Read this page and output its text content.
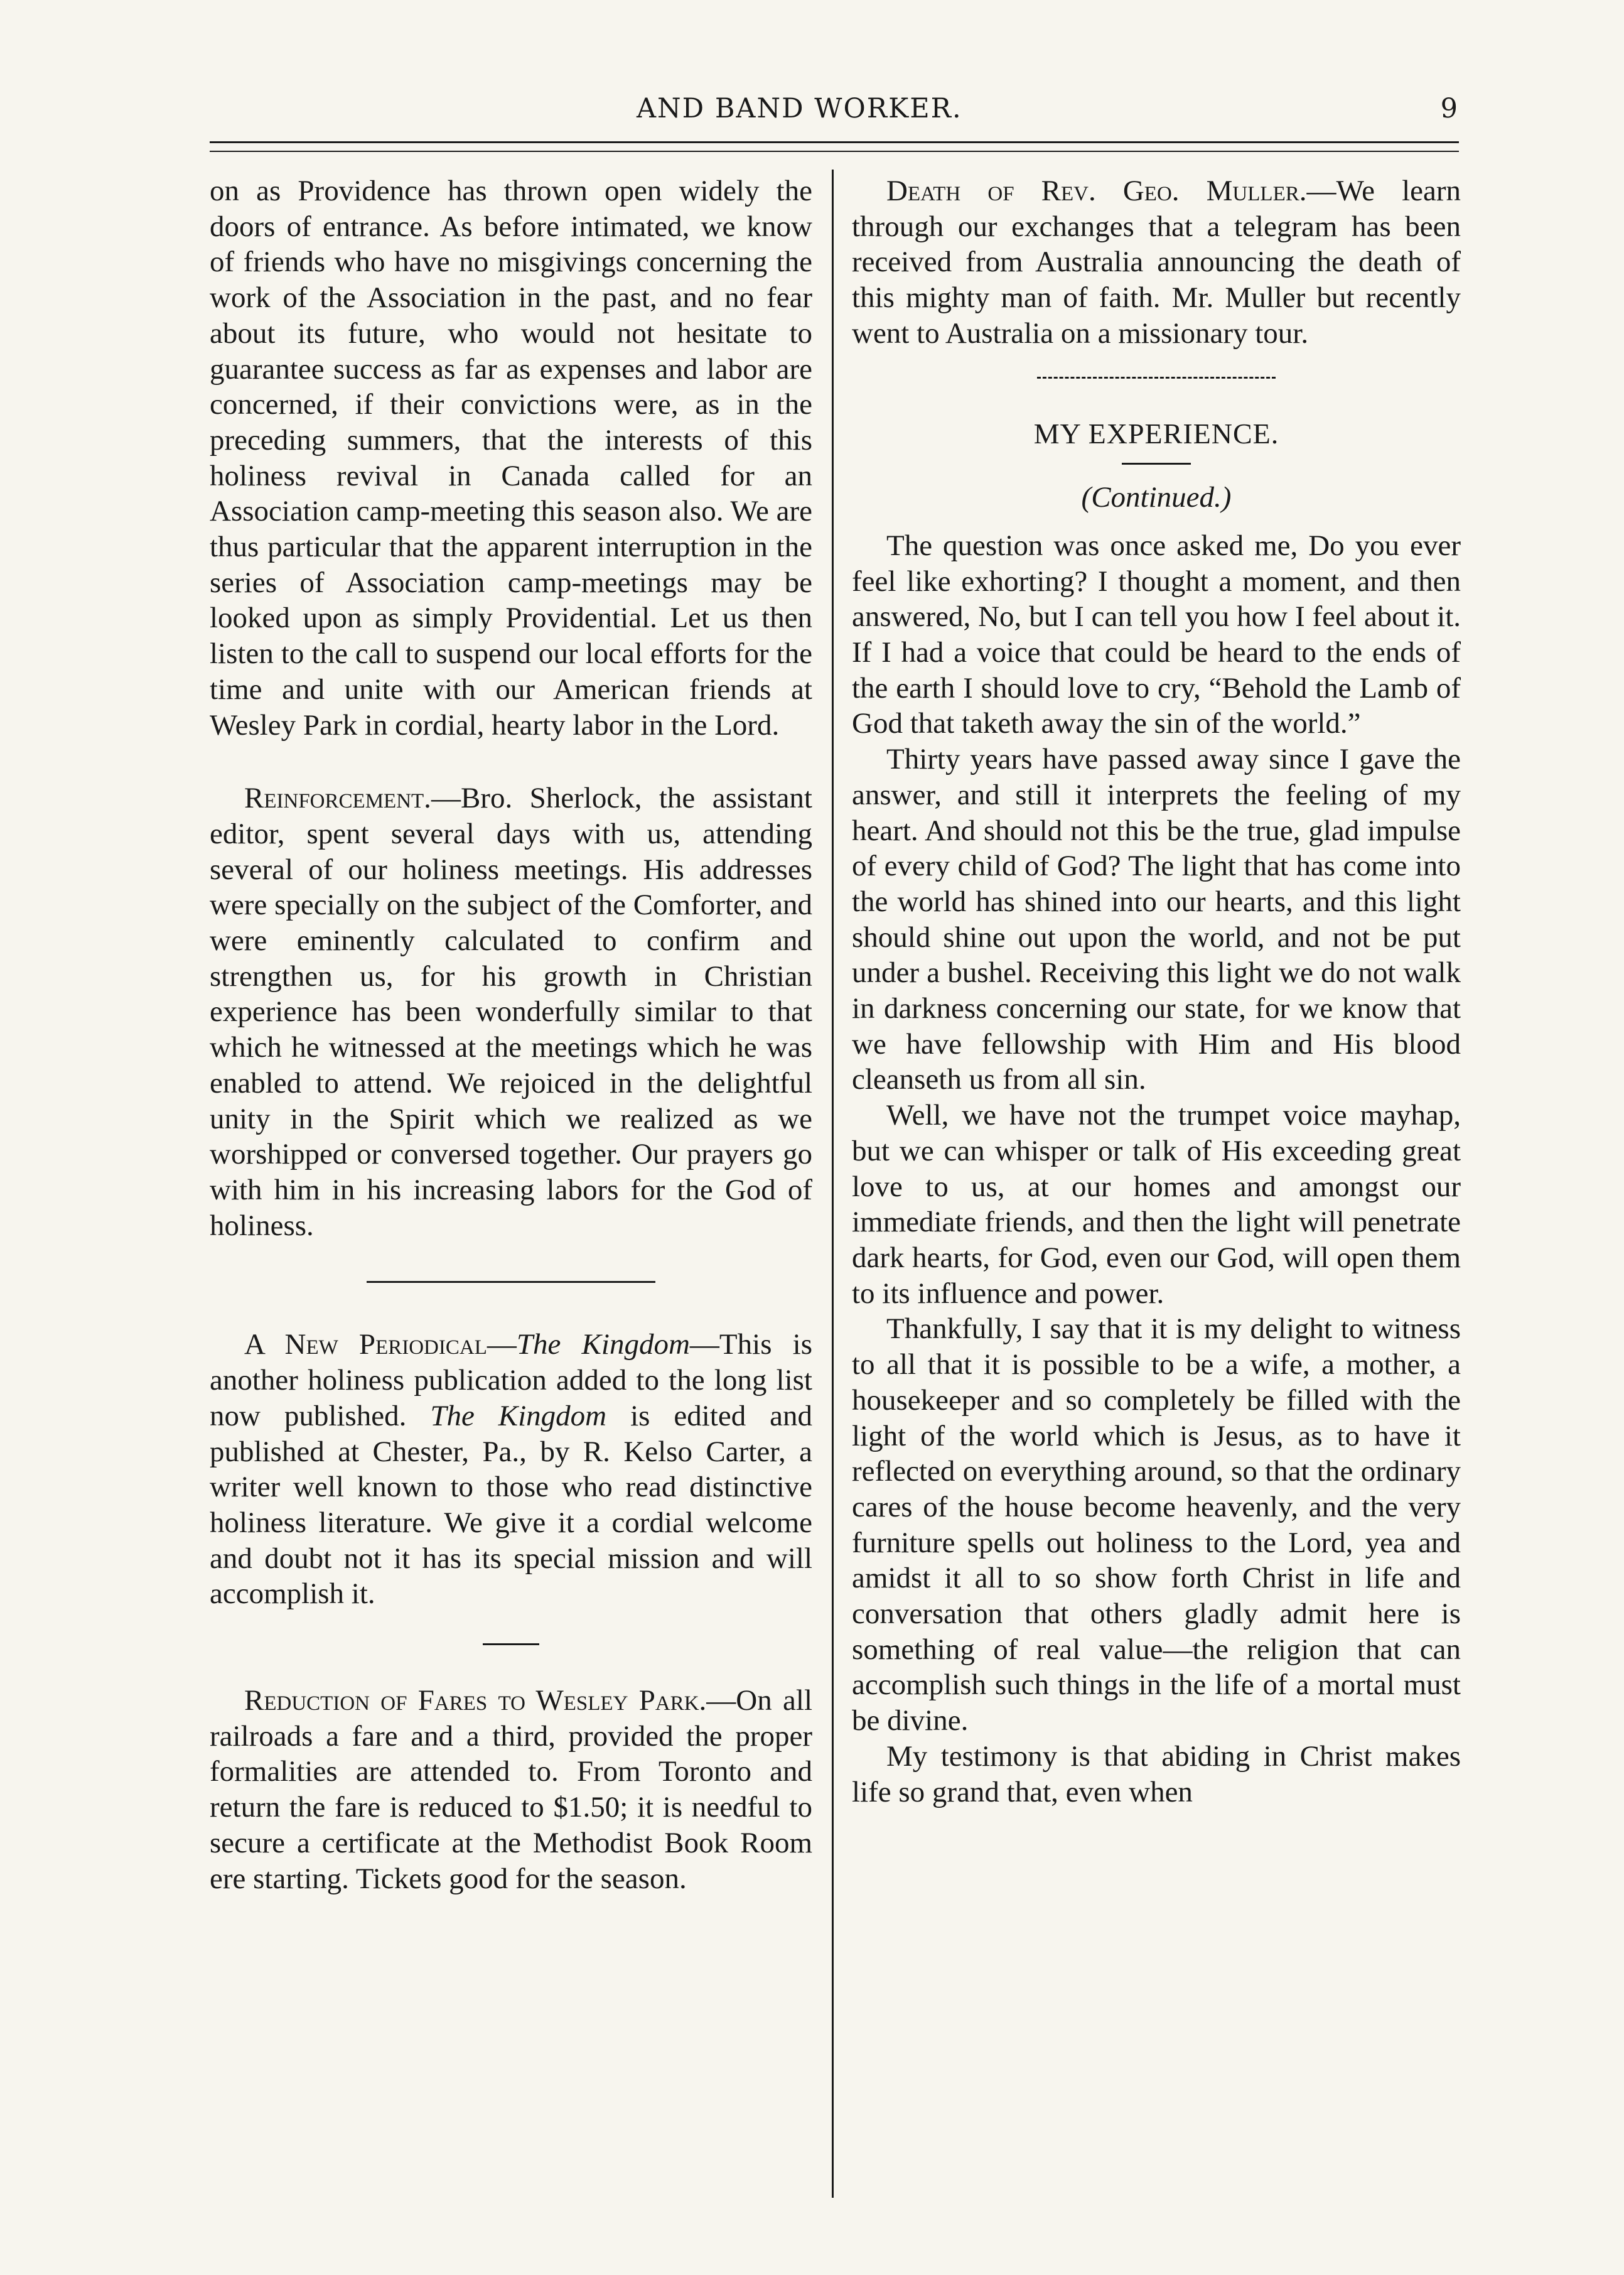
AND BAND WORKER.	9

on as Providence has thrown open widely the doors of entrance. As before intimated, we know of friends who have no misgivings concerning the work of the Association in the past, and no fear about its future, who would not hesitate to guarantee success as far as expenses and labor are concerned, if their convictions were, as in the preceding summers, that the interests of this holiness revival in Canada called for an Association camp-meeting this season also. We are thus particular that the apparent interruption in the series of Association camp-meetings may be looked upon as simply Providential. Let us then listen to the call to suspend our local efforts for the time and unite with our American friends at Wesley Park in cordial, hearty labor in the Lord.

Reinforcement.—Bro. Sherlock, the assistant editor, spent several days with us, attending several of our holiness meetings. His addresses were specially on the subject of the Comforter, and were eminently calculated to confirm and strengthen us, for his growth in Christian experience has been wonderfully similar to that which he witnessed at the meetings which he was enabled to attend. We rejoiced in the delightful unity in the Spirit which we realized as we worshipped or conversed together. Our prayers go with him in his increasing labors for the God of holiness.

A New Periodical—The Kingdom—This is another holiness publication added to the long list now published. The Kingdom is edited and published at Chester, Pa., by R. Kelso Carter, a writer well known to those who read distinctive holiness literature. We give it a cordial welcome and doubt not it has its special mission and will accomplish it.

Reduction of Fares to Wesley Park.—On all railroads a fare and a third, provided the proper formalities are attended to. From Toronto and return the fare is reduced to $1.50; it is needful to secure a certificate at the Methodist Book Room ere starting. Tickets good for the season.

Death of Rev. Geo. Muller.—We learn through our exchanges that a telegram has been received from Australia announcing the death of this mighty man of faith. Mr. Muller but recently went to Australia on a missionary tour.

MY EXPERIENCE.
(Continued.)

The question was once asked me, Do you ever feel like exhorting? I thought a moment, and then answered, No, but I can tell you how I feel about it. If I had a voice that could be heard to the ends of the earth I should love to cry, “Behold the Lamb of God that taketh away the sin of the world.”

Thirty years have passed away since I gave the answer, and still it interprets the feeling of my heart. And should not this be the true, glad impulse of every child of God? The light that has come into the world has shined into our hearts, and this light should shine out upon the world, and not be put under a bushel. Receiving this light we do not walk in darkness concerning our state, for we know that we have fellowship with Him and His blood cleanseth us from all sin.

Well, we have not the trumpet voice mayhap, but we can whisper or talk of His exceeding great love to us, at our homes and amongst our immediate friends, and then the light will penetrate dark hearts, for God, even our God, will open them to its influence and power.

Thankfully, I say that it is my delight to witness to all that it is possible to be a wife, a mother, a housekeeper and so completely be filled with the light of the world which is Jesus, as to have it reflected on everything around, so that the ordinary cares of the house become heavenly, and the very furniture spells out holiness to the Lord, yea and amidst it all to so show forth Christ in life and conversation that others gladly admit here is something of real value—the religion that can accomplish such things in the life of a mortal must be divine.

My testimony is that abiding in Christ makes life so grand that, even when
